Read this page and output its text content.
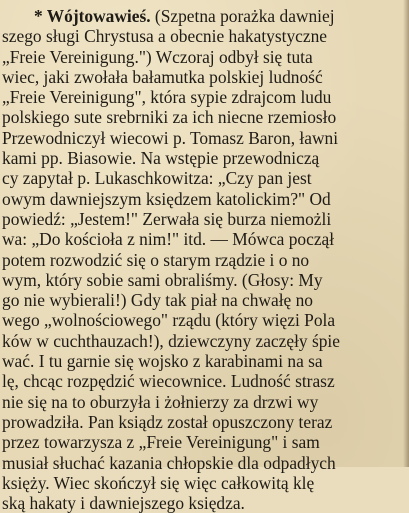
* Wójtowawieś. (Szpetna porażka dawniej
szego sługi Chrystusa a obecnie hakatystyczne
„Freie Vereinigung.") Wczoraj odbył się tuta
wiec, jaki zwołała bałamutka polskiej ludność
„Freie Vereinigung", która sypie zdrajcom ludu
polskiego sute srebrniki za ich niecne rzemiosło
Przewodniczył wiecowi p. Tomasz Baron, ławni
kami pp. Biasowie. Na wstępie przewodniczą
cy zapytał p. Lukaschkowitza: „Czy pan jest
owym dawniejszym księdzem katolickim?" Od
powiedź: „Jestem!" Zerwała się burza niemożli
wa: „Do kościoła z nim!" itd. — Mówca począł
potem rozwodzić się o starym rządzie i o no
wym, który sobie sami obraliśmy. (Głosy: My
go nie wybierali!) Gdy tak piał na chwałę no
wego „wolnościowego" rządu (który więzi Pola
ków w cuchthauzach!), dziewczyny zaczęły śpie
wać. I tu garnie się wojsko z karabinami na sa
lę, chcąc rozpędzić wiecownice. Ludność strasz
nie się na to oburzyła i żołnierzy za drzwi wy
prowadziła. Pan ksiądz został opuszczony teraz
przez towarzysza z „Freie Vereinigung" i sam
musiał słuchać kazania chłopskie dla odpadłych
księży. Wiec skończył się więc całkowitą klę
ską hakaty i dawniejszego księdza.
